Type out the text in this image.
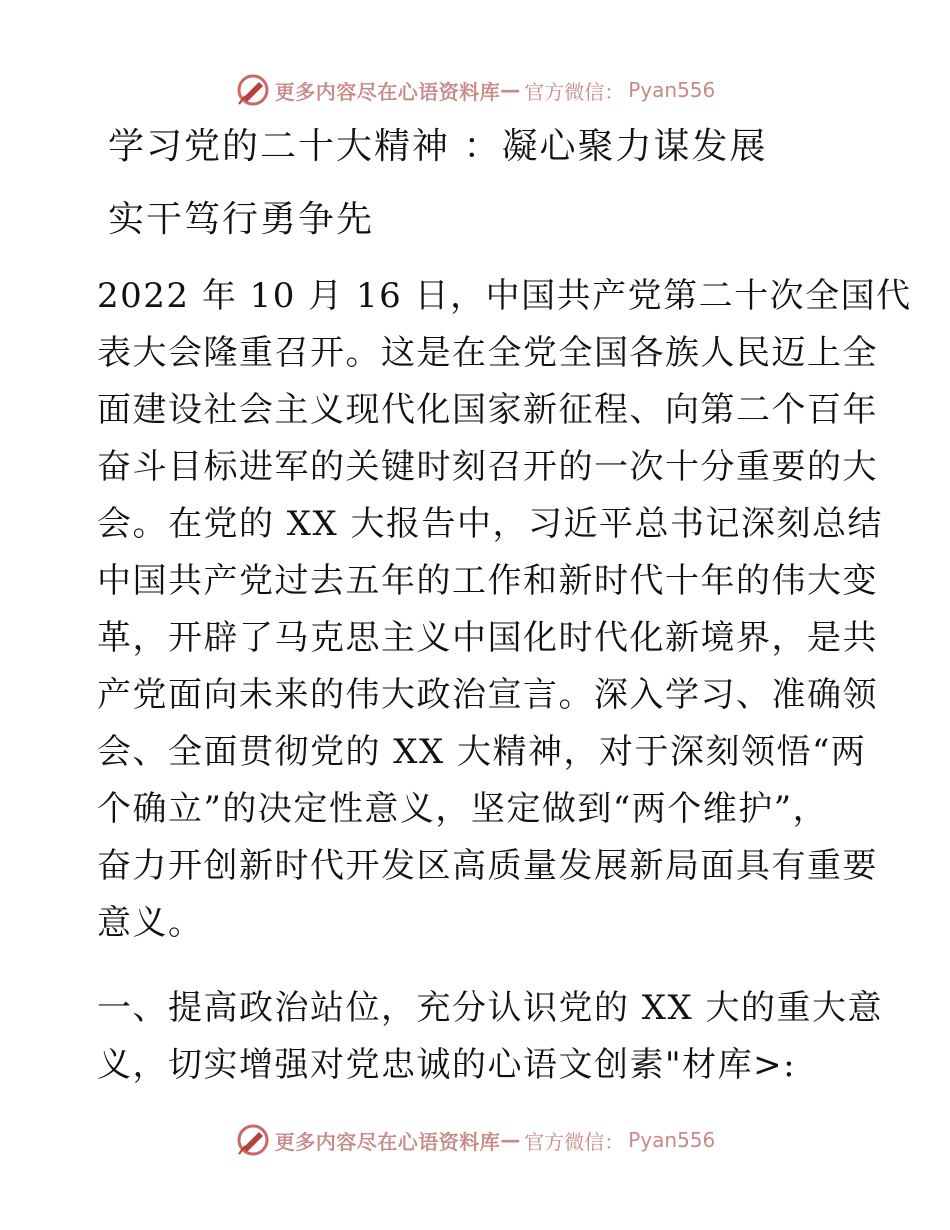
更多内容尽在心语资料库 — 官方微信： Pyan556
学习党的二十大精神 ：凝心聚力谋发展
实干笃行勇争先
2022 年 10 月 16 日，中国共产党第二十次全国代
表大会隆重召开。这是在全党全国各族人民迈上全
面建设社会主义现代化国家新征程、向第二个百年
奋斗目标进军的关键时刻召开的一次十分重要的大
会。在党的 XX 大报告中，习近平总书记深刻总结
中国共产党过去五年的工作和新时代十年的伟大变
革，开辟了马克思主义中国化时代化新境界，是共
产党面向未来的伟大政治宣言。深入学习、准确领
会、全面贯彻党的 XX 大精神，对于深刻领悟“两
个确立”的决定性意义，坚定做到“两个维护”，
奋力开创新时代开发区高质量发展新局面具有重要
意义。
一、提高政治站位，充分认识党的 XX 大的重大意
义，切实增强对党忠诚的心语文创素"材库>:
更多内容尽在心语资料库 — 官方微信： Pyan556
